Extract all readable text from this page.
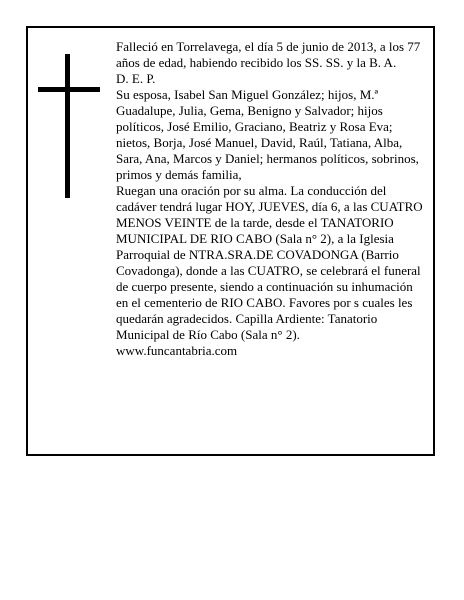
Falleció en Torrelavega, el día 5 de junio de 2013, a los 77 años de edad, habiendo recibido los SS. SS. y la B. A.

D. E. P.

Su esposa, Isabel San Miguel González; hijos, M.ª Guadalupe, Julia, Gema, Benigno y Salvador; hijos políticos, José Emilio, Graciano, Beatriz y Rosa Eva; nietos, Borja, José Manuel, David, Raúl, Tatiana, Alba, Sara, Ana, Marcos y Daniel; hermanos políticos, sobrinos, primos y demás familia,

Ruegan una oración por su alma. La conducción del cadáver tendrá lugar HOY, JUEVES, día 6, a las CUATRO MENOS VEINTE de la tarde, desde el TANATORIO MUNICIPAL DE RIO CABO (Sala n° 2), a la Iglesia Parroquial de NTRA.SRA.DE COVADONGA (Barrio Covadonga), donde a las CUATRO, se celebrará el funeral de cuerpo presente, siendo a continuación su inhumación en el cementerio de RIO CABO. Favores por s cuales les quedarán agradecidos. Capilla Ardiente: Tanatorio Municipal de Río Cabo (Sala n° 2).

www.funcantabria.com
